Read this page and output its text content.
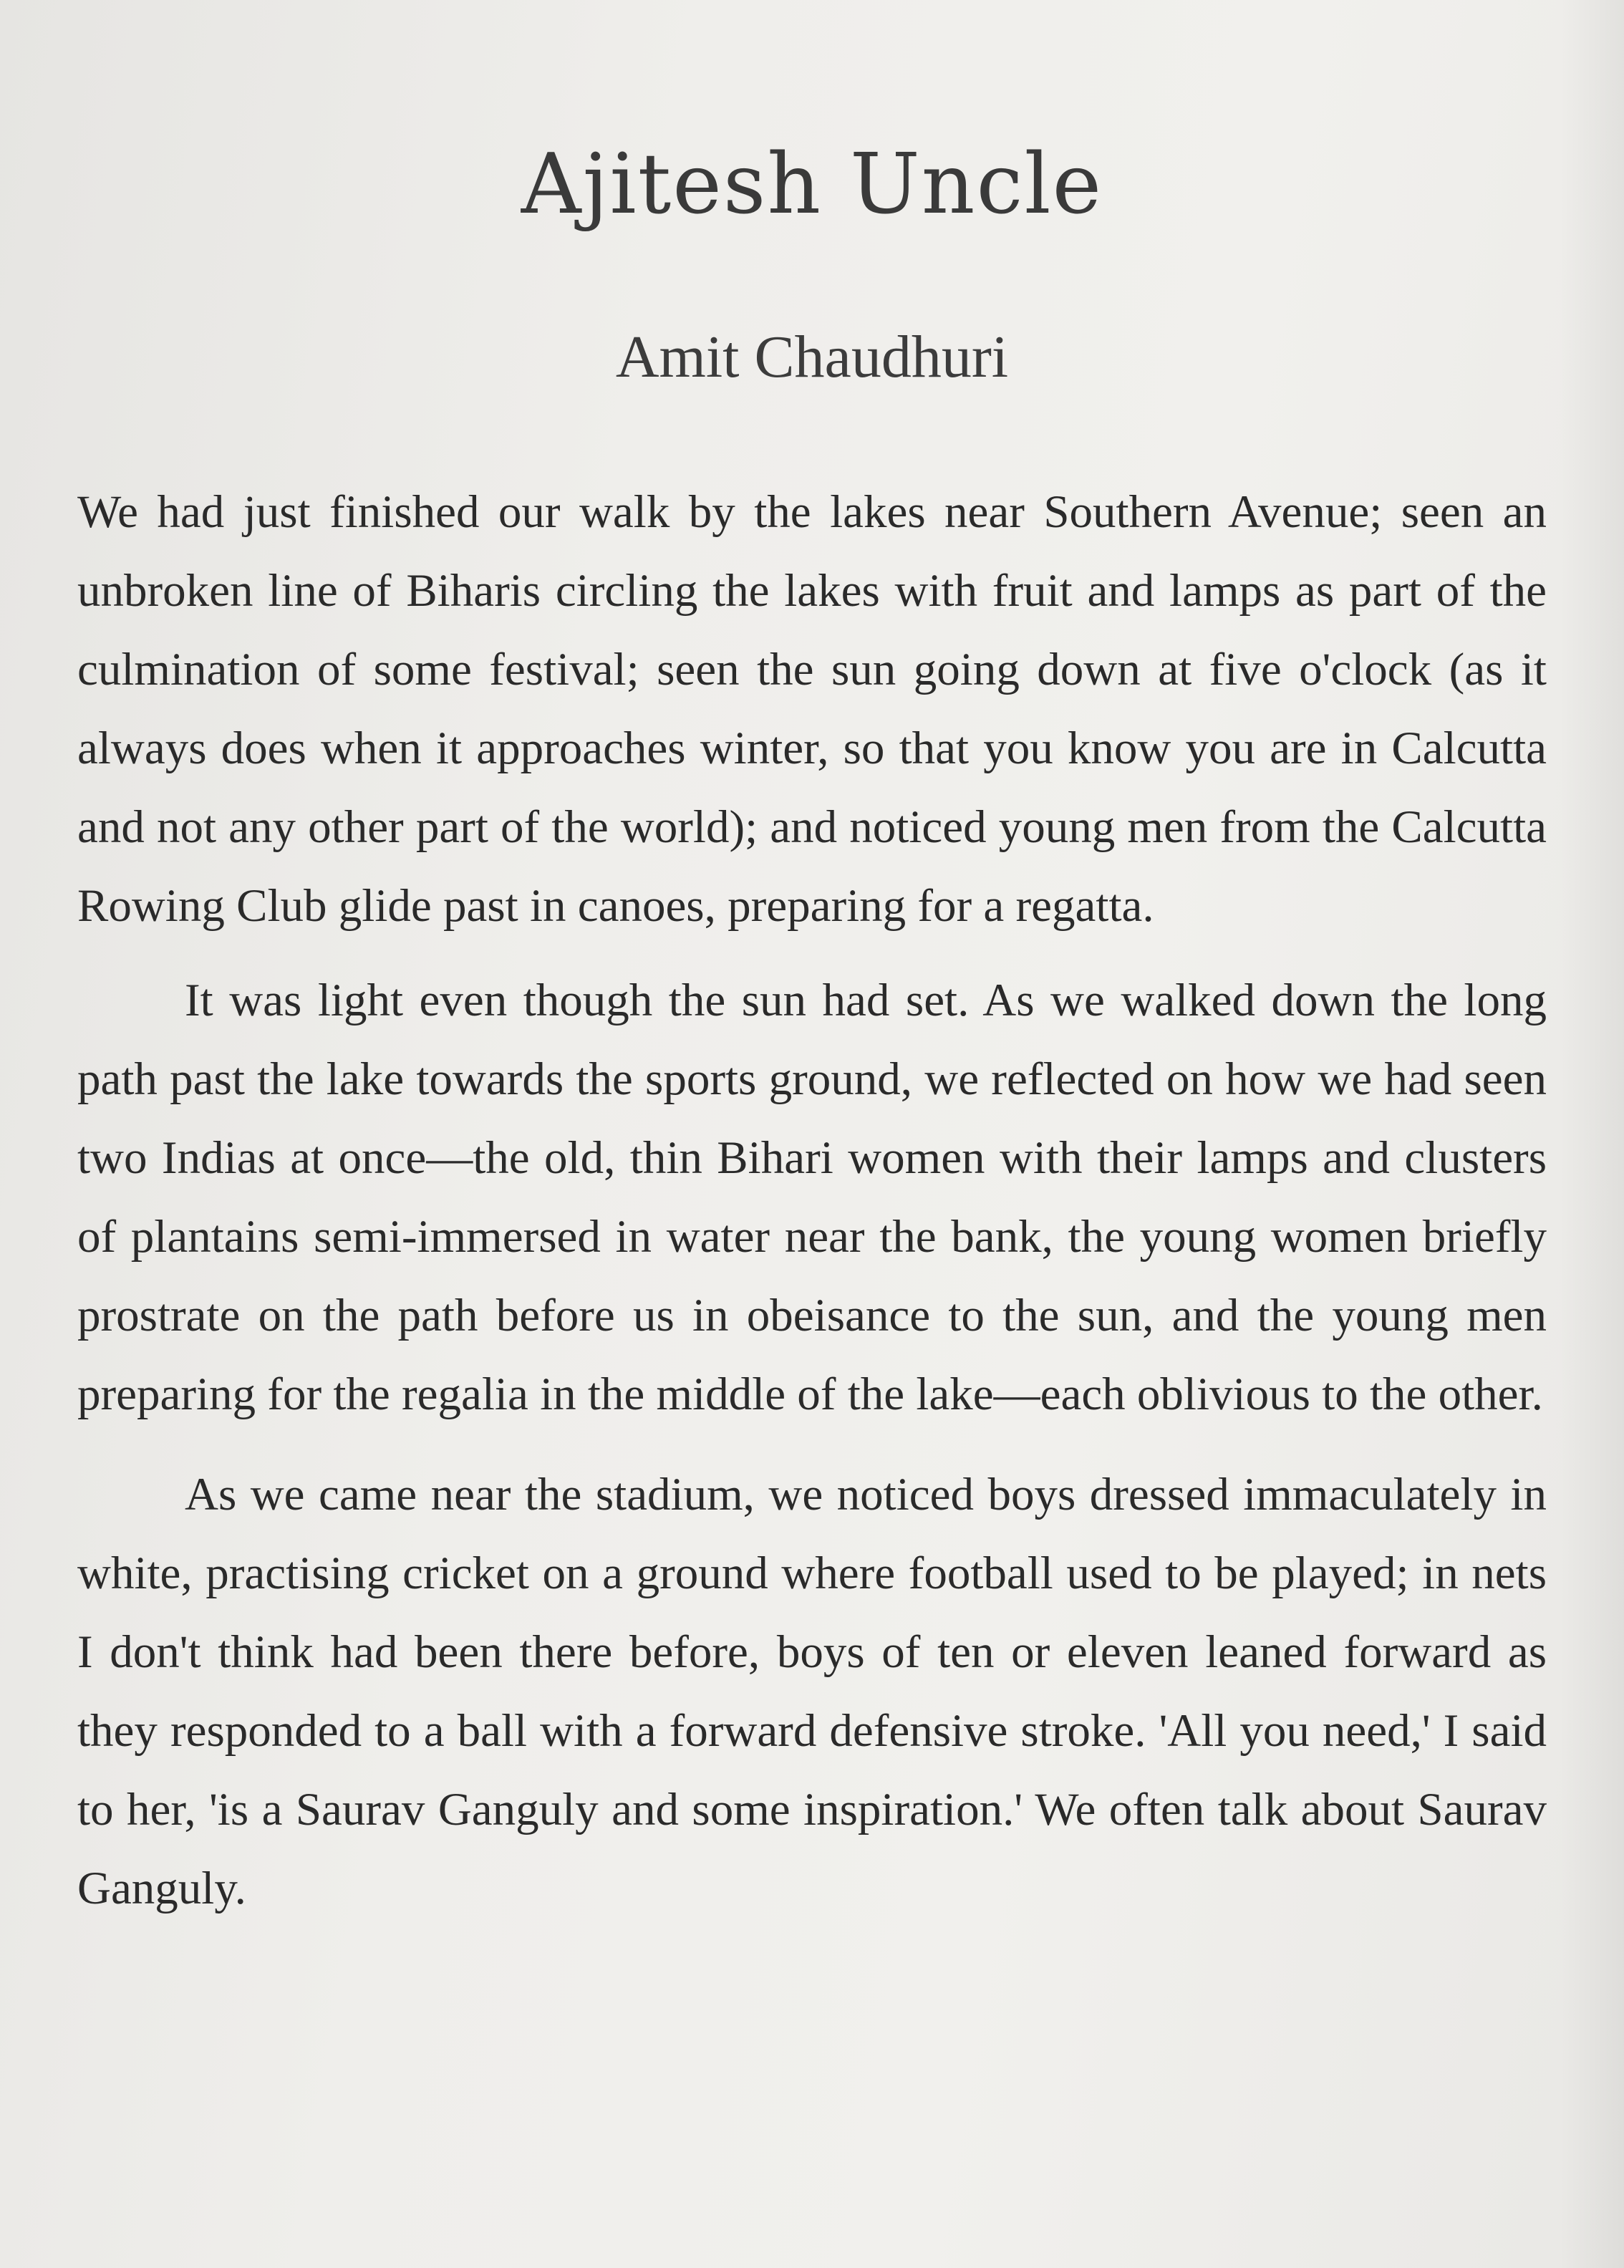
Ajitesh Uncle
Amit Chaudhuri

We had just finished our walk by the lakes near Southern Avenue; seen an unbroken line of Biharis circling the lakes with fruit and lamps as part of the culmination of some festival; seen the sun going down at five o'clock (as it always does when it approaches winter, so that you know you are in Calcutta and not any other part of the world); and noticed young men from the Calcutta Rowing Club glide past in canoes, preparing for a regatta.

It was light even though the sun had set. As we walked down the long path past the lake towards the sports ground, we reflected on how we had seen two Indias at once—the old, thin Bihari women with their lamps and clusters of plantains semi-immersed in water near the bank, the young women briefly prostrate on the path before us in obeisance to the sun, and the young men preparing for the regalia in the middle of the lake—each oblivious to the other.

As we came near the stadium, we noticed boys dressed immaculately in white, practising cricket on a ground where football used to be played; in nets I don't think had been there before, boys of ten or eleven leaned forward as they responded to a ball with a forward defensive stroke. 'All you need,' I said to her, 'is a Saurav Ganguly and some inspiration.' We often talk about Saurav Ganguly.
